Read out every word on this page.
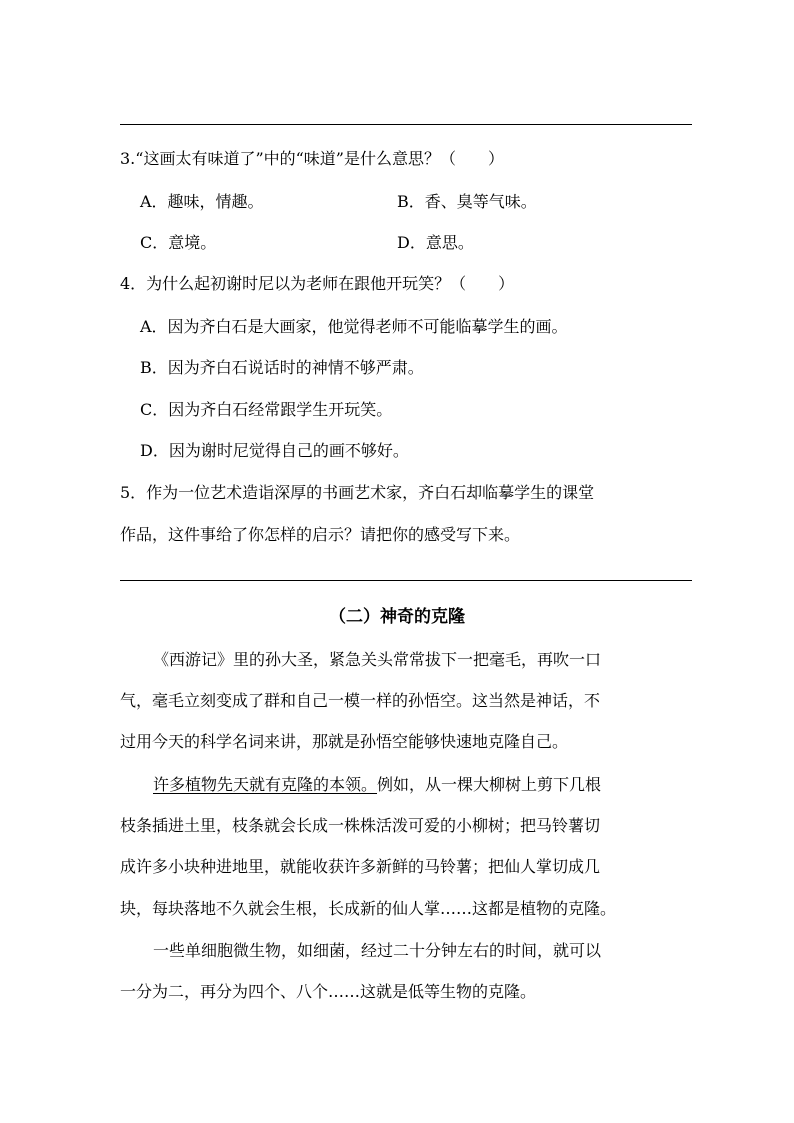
3.“这画太有味道了”中的“味道”是什么意思？（　　）
A．趣味，情趣。	B．香、臭等气味。
C．意境。	D．意思。
4．为什么起初谢时尼以为老师在跟他开玩笑？（　　）
A．因为齐白石是大画家，他觉得老师不可能临摹学生的画。
B．因为齐白石说话时的神情不够严肃。
C．因为齐白石经常跟学生开玩笑。
D．因为谢时尼觉得自己的画不够好。
5．作为一位艺术造诣深厚的书画艺术家，齐白石却临摹学生的课堂
作品，这件事给了你怎样的启示？请把你的感受写下来。
（二）神奇的克隆
《西游记》里的孙大圣，紧急关头常常拔下一把毫毛，再吹一口
气，毫毛立刻变成了群和自己一模一样的孙悟空。这当然是神话，不
过用今天的科学名词来讲，那就是孙悟空能够快速地克隆自己。
许多植物先天就有克隆的本领。例如，从一棵大柳树上剪下几根
枝条插进土里，枝条就会长成一株株活泼可爱的小柳树；把马铃薯切
成许多小块种进地里，就能收获许多新鲜的马铃薯；把仙人掌切成几
块，每块落地不久就会生根，长成新的仙人掌……这都是植物的克隆。
一些单细胞微生物，如细菌，经过二十分钟左右的时间，就可以
一分为二，再分为四个、八个……这就是低等生物的克隆。
